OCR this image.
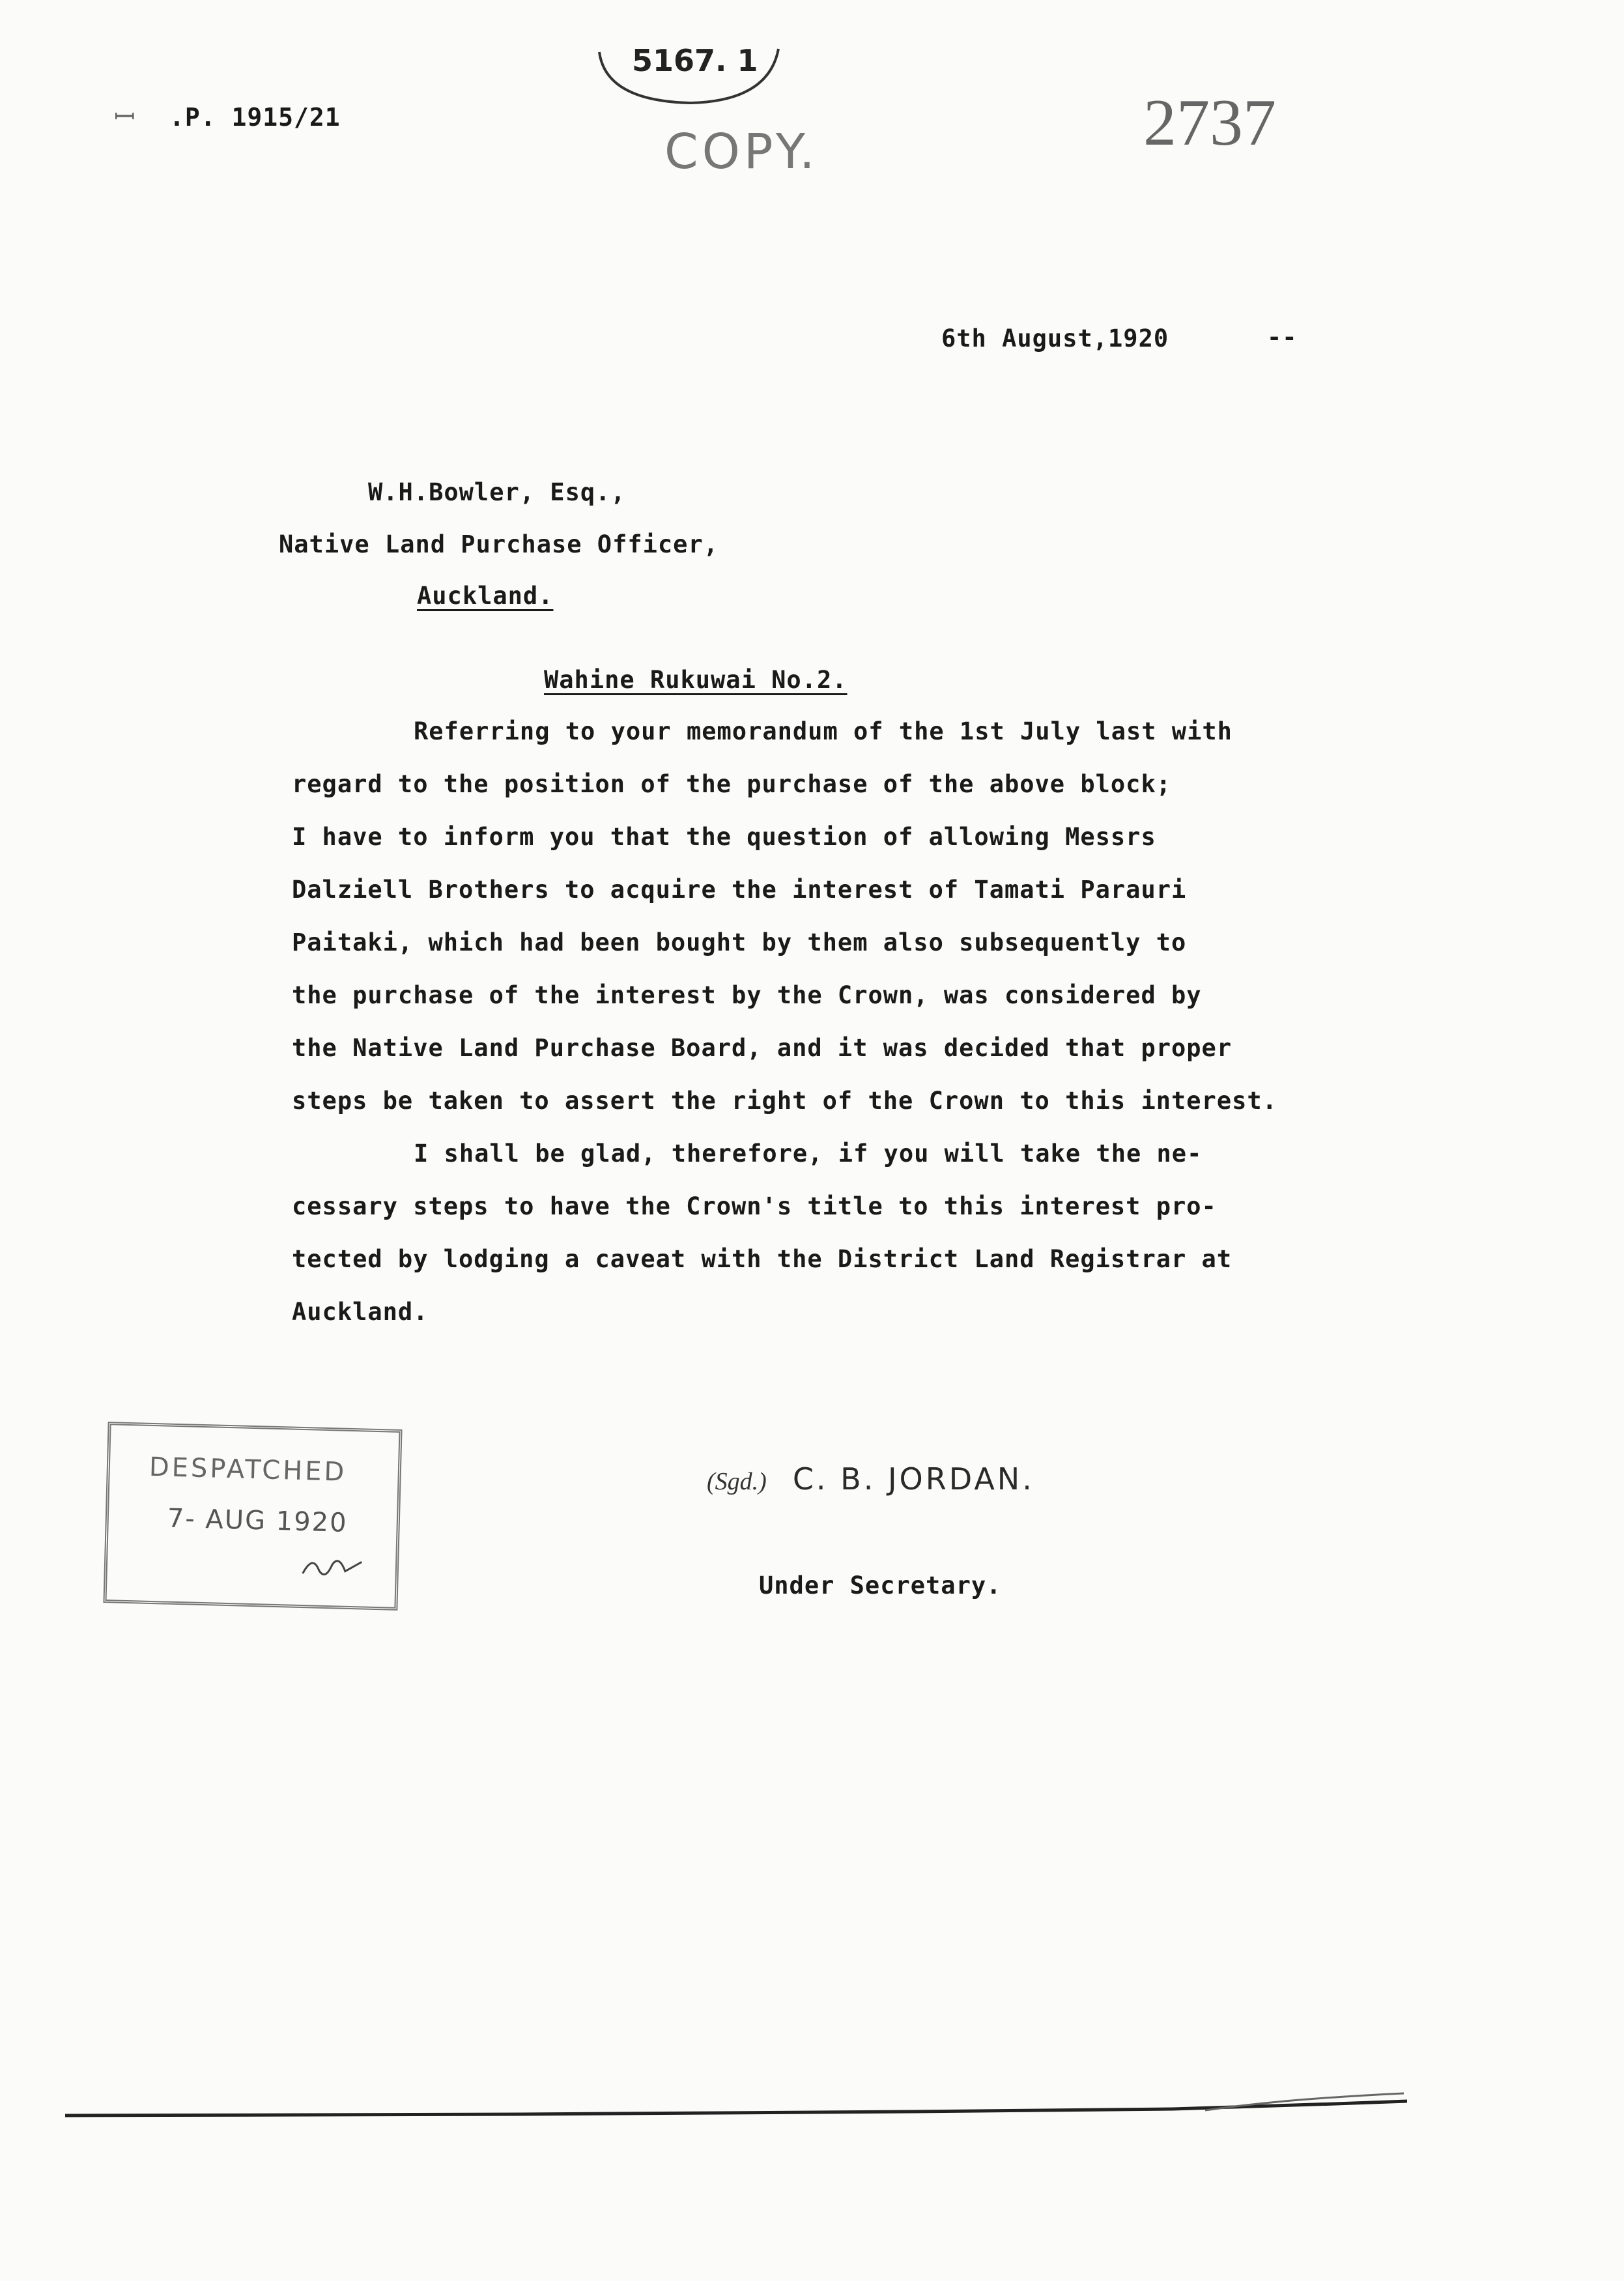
ꟷ .P. 1915/21
5167. 1
COPY.	2737
6th August,1920	--
W.H.Bowler, Esq.,
Native Land Purchase Officer,
Auckland.
Wahine Rukuwai No.2.
Referring to your memorandum of the 1st July last with
regard to the position of the purchase of the above block;
I have to inform you that the question of allowing Messrs
Dalziell Brothers to acquire the interest of Tamati Parauri
Paitaki, which had been bought by them also subsequently to
the purchase of the interest by the Crown, was considered by
the Native Land Purchase Board, and it was decided that proper
steps be taken to assert the right of the Crown to this interest.
I shall be glad, therefore, if you will take the ne-
cessary steps to have the Crown's title to this interest pro-
tected by lodging a caveat with the District Land Registrar at
Auckland.
DESPATCHED
7- AUG 1920
(Sgd.) C. B. JORDAN.
Under Secretary.
